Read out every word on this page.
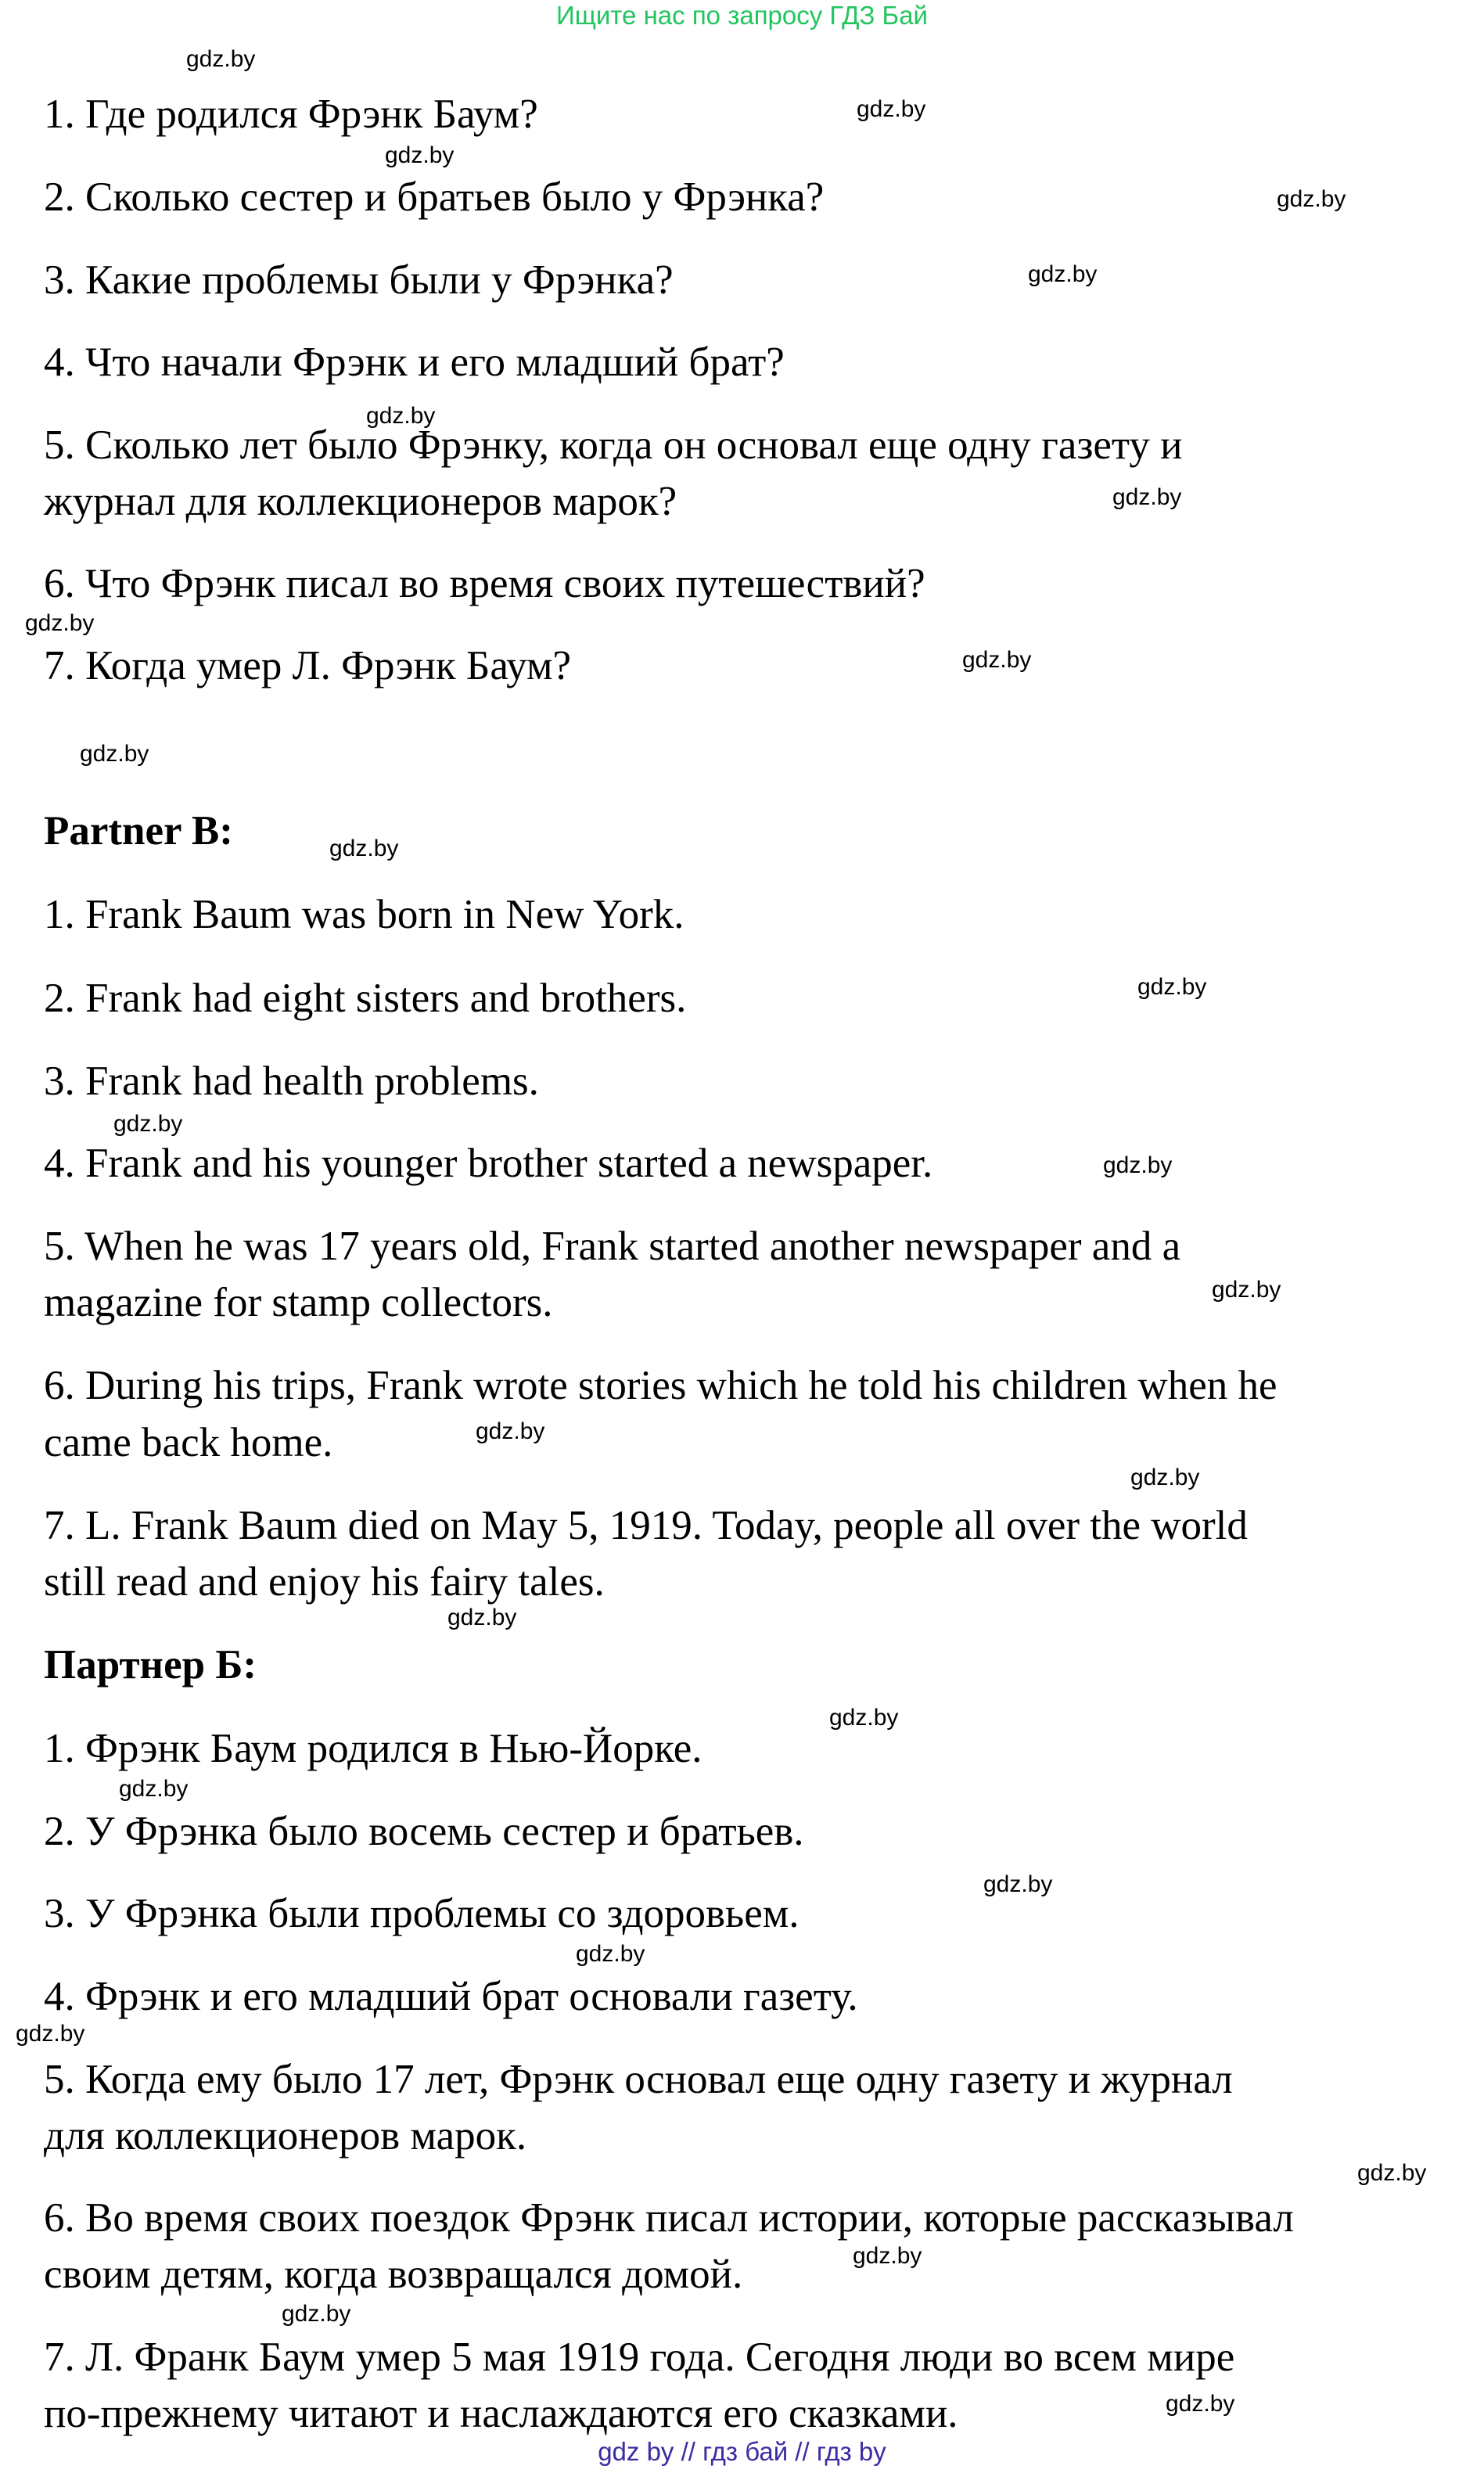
Ищите нас по запросу ГДЗ Бай
1. Где родился Фрэнк Баум?
2. Сколько сестер и братьев было у Фрэнка?
3. Какие проблемы были у Фрэнка?
4. Что начали Фрэнк и его младший брат?
5. Сколько лет было Фрэнку, когда он основал еще одну газету и
журнал для коллекционеров марок?
6. Что Фрэнк писал во время своих путешествий?
7. Когда умер Л. Фрэнк Баум?
Partner B:
1. Frank Baum was born in New York.
2. Frank had eight sisters and brothers.
3. Frank had health problems.
4. Frank and his younger brother started a newspaper.
5. When he was 17 years old, Frank started another newspaper and a
magazine for stamp collectors.
6. During his trips, Frank wrote stories which he told his children when he
came back home.
7. L. Frank Baum died on May 5, 1919. Today, people all over the world
still read and enjoy his fairy tales.
Партнер Б:
1. Фрэнк Баум родился в Нью-Йорке.
2. У Фрэнка было восемь сестер и братьев.
3. У Фрэнка были проблемы со здоровьем.
4. Фрэнк и его младший брат основали газету.
5. Когда ему было 17 лет, Фрэнк основал еще одну газету и журнал
для коллекционеров марок.
6. Во время своих поездок Фрэнк писал истории, которые рассказывал
своим детям, когда возвращался домой.
7. Л. Франк Баум умер 5 мая 1919 года. Сегодня люди во всем мире
по-прежнему читают и наслаждаются его сказками.
gdz.by
gdz.by
gdz.by
gdz.by
gdz.by
gdz.by
gdz.by
gdz.by
gdz.by
gdz.by
gdz.by
gdz.by
gdz.by
gdz.by
gdz.by
gdz.by
gdz.by
gdz.by
gdz.by
gdz.by
gdz.by
gdz.by
gdz.by
gdz.by
gdz.by
gdz.by
gdz.by
gdz by // гдз бай // гдз by
